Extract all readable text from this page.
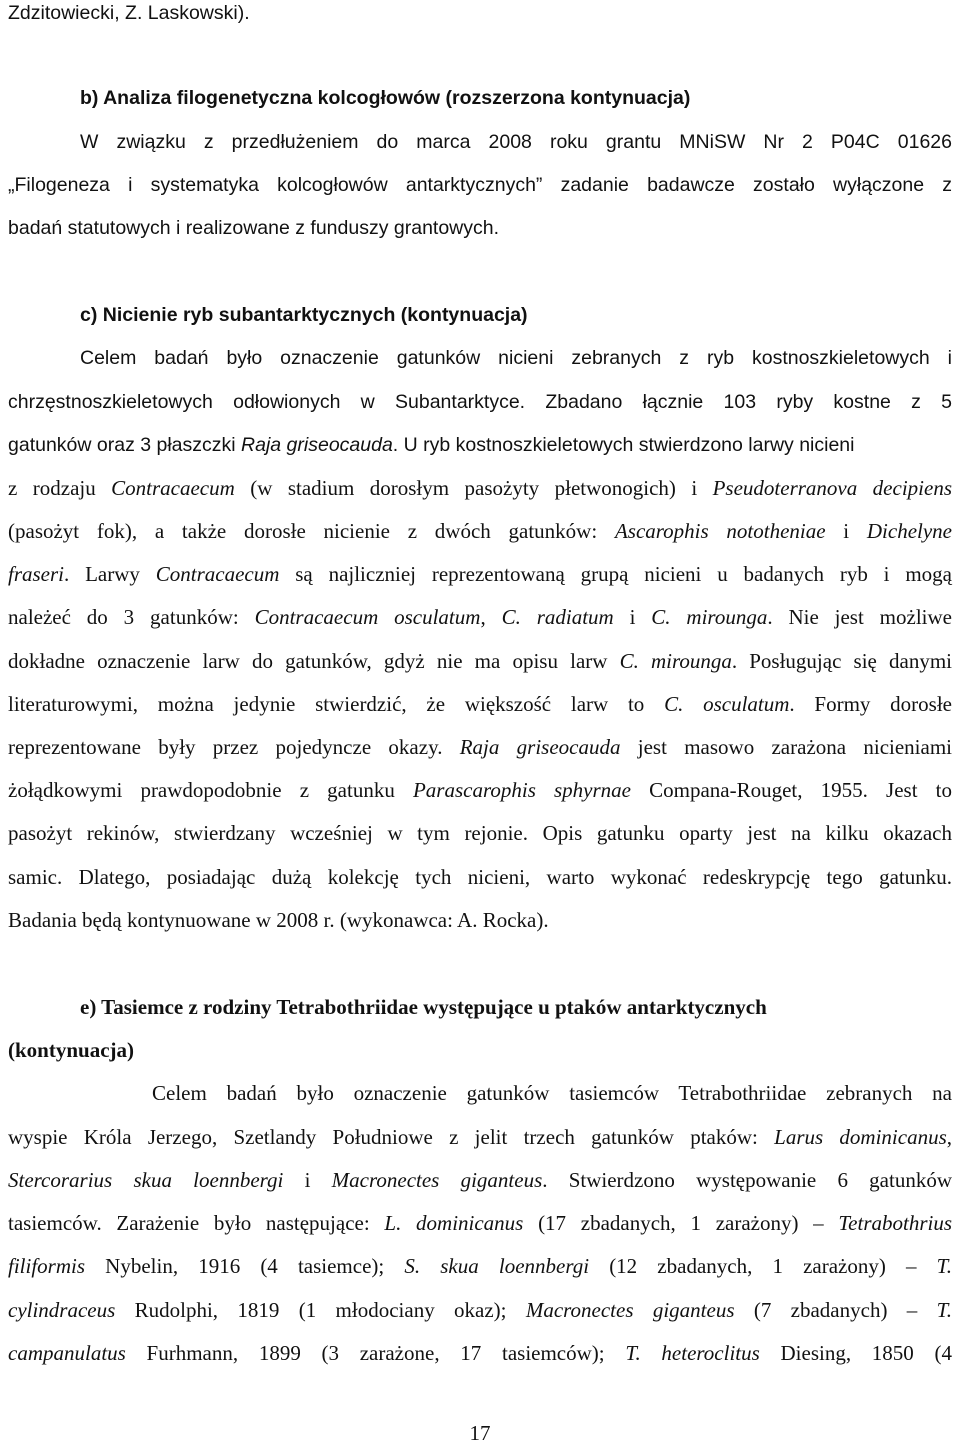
Zdzitowiecki, Z. Laskowski).
b) Analiza filogenetyczna kolcogłowów (rozszerzona kontynuacja)
W związku z przedłużeniem do marca 2008 roku grantu MNiSW Nr 2 P04C 01626
„Filogeneza i systematyka kolcogłowów antarktycznych” zadanie badawcze zostało wyłączone z
badań statutowych i realizowane z funduszy grantowych.
c) Nicienie ryb subantarktycznych (kontynuacja)
Celem badań było oznaczenie gatunków nicieni zebranych z ryb kostnoszkieletowych i
chrzęstnoszkieletowych odłowionych w Subantarktyce. Zbadano łącznie 103 ryby kostne z 5
gatunków oraz 3 płaszczki Raja griseocauda. U ryb kostnoszkieletowych stwierdzono larwy nicieni
z rodzaju Contracaecum (w stadium dorosłym pasożyty płetwonogich) i Pseudoterranova decipiens
(pasożyt fok), a także dorosłe nicienie z dwóch gatunków: Ascarophis nototheniae i Dichelyne
fraseri. Larwy Contracaecum są najliczniej reprezentowaną grupą nicieni u badanych ryb i mogą
należeć do 3 gatunków: Contracaecum osculatum, C. radiatum i C. mirounga. Nie jest możliwe
dokładne oznaczenie larw do gatunków, gdyż nie ma opisu larw C. mirounga. Posługując się danymi
literaturowymi, można jedynie stwierdzić, że większość larw to C. osculatum. Formy dorosłe
reprezentowane były przez pojedyncze okazy. Raja griseocauda jest masowo zarażona nicieniami
żołądkowymi prawdopodobnie z gatunku Parascarophis sphyrnae Compana-Rouget, 1955. Jest to
pasożyt rekinów, stwierdzany wcześniej w tym rejonie. Opis gatunku oparty jest na kilku okazach
samic. Dlatego, posiadając dużą kolekcję tych nicieni, warto wykonać redeskrypcję tego gatunku.
Badania będą kontynuowane w 2008 r. (wykonawca: A. Rocka).
e) Tasiemce z rodziny Tetrabothriidae występujące u ptaków antarktycznych
(kontynuacja)
Celem badań było oznaczenie gatunków tasiemców Tetrabothriidae zebranych na
wyspie Króla Jerzego, Szetlandy Południowe z jelit trzech gatunków ptaków: Larus dominicanus,
Stercorarius skua loennbergi i Macronectes giganteus. Stwierdzono występowanie 6 gatunków
tasiemców. Zarażenie było następujące: L. dominicanus (17 zbadanych, 1 zarażony) – Tetrabothrius
filiformis Nybelin, 1916 (4 tasiemce); S. skua loennbergi (12 zbadanych, 1 zarażony) – T.
cylindraceus Rudolphi, 1819 (1 młodociany okaz); Macronectes giganteus (7 zbadanych) – T.
campanulatus Furhmann, 1899 (3 zarażone, 17 tasiemców); T. heteroclitus Diesing, 1850 (4
17
